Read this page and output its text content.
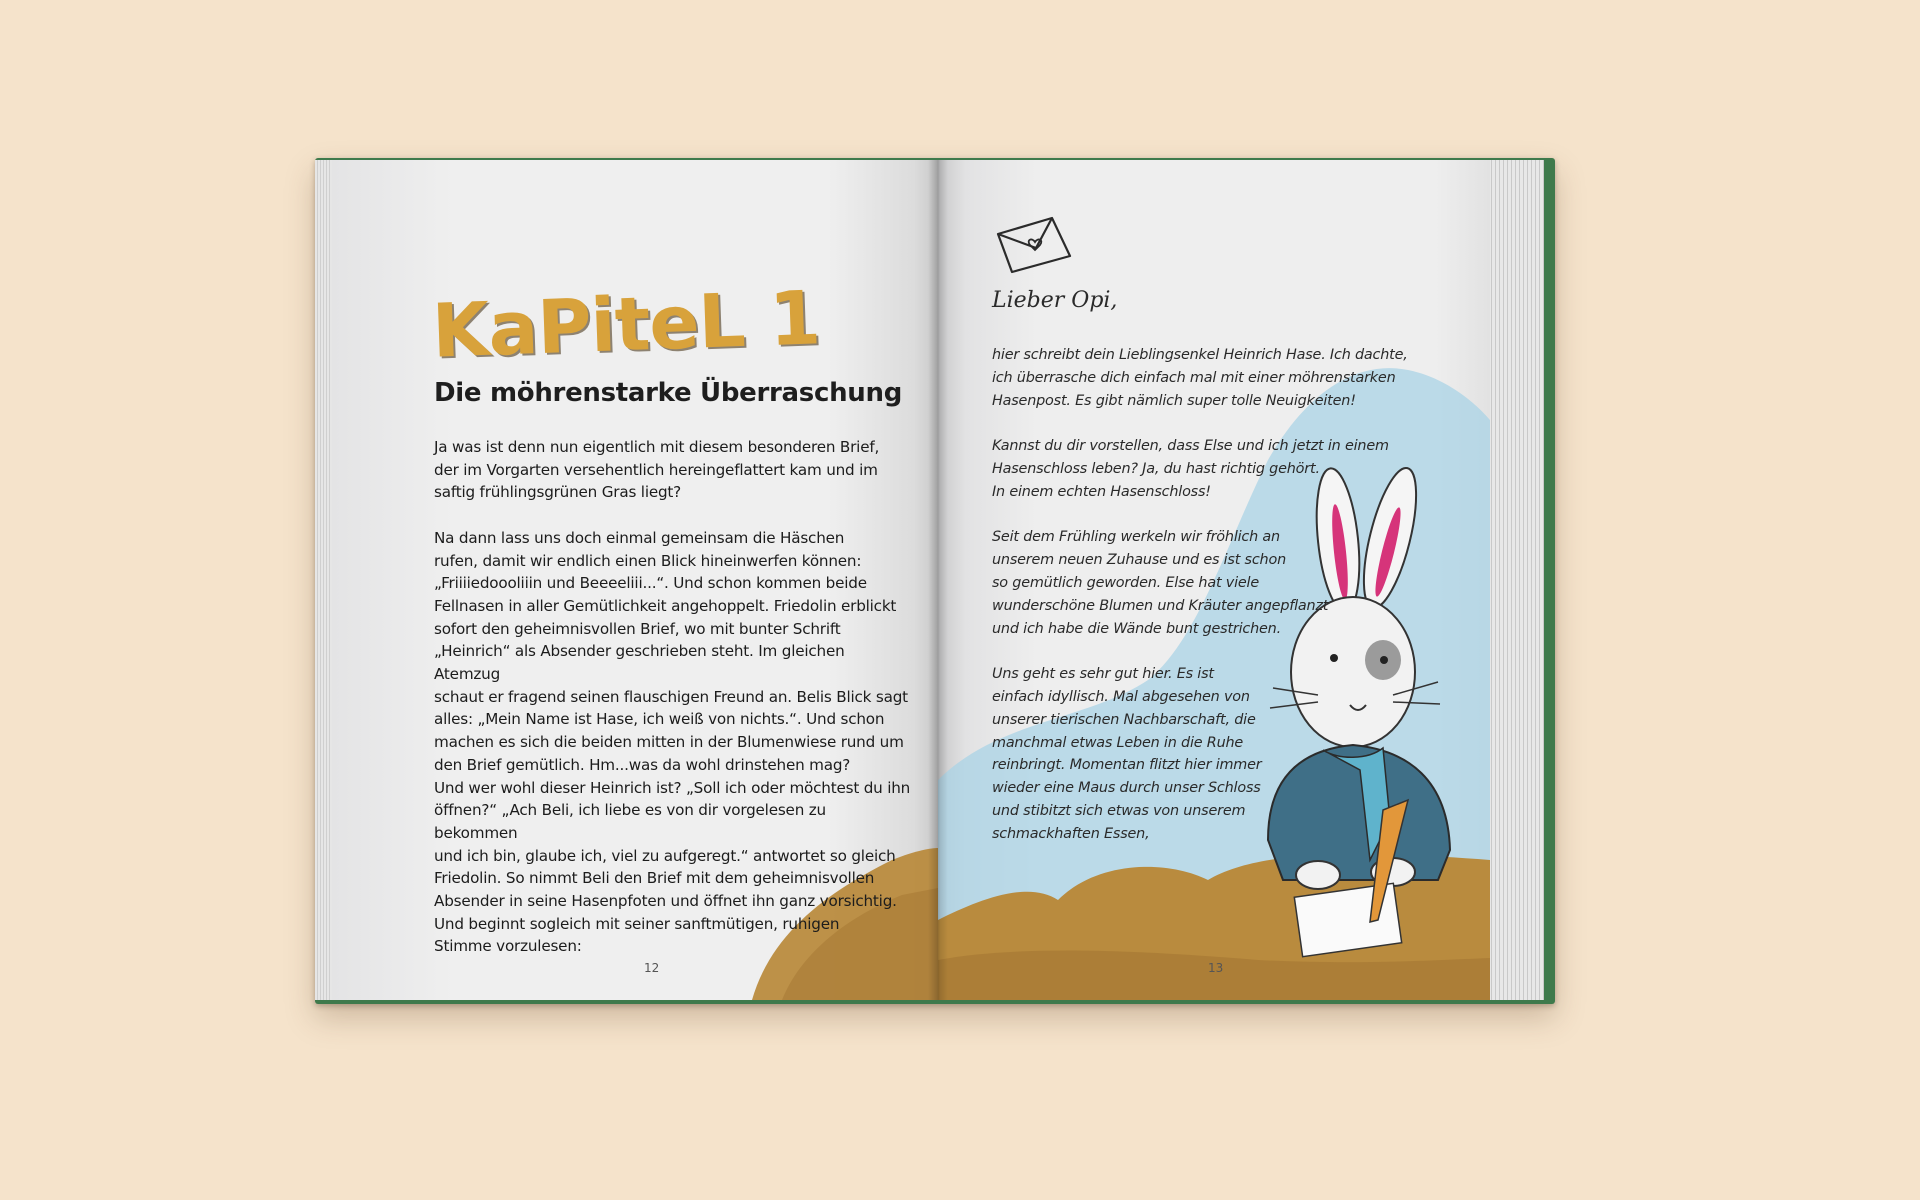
KaPiteL 1
Die möhrenstarke Überraschung
Ja was ist denn nun eigentlich mit diesem besonderen Brief,
der im Vorgarten versehentlich hereingeflattert kam und im
saftig frühlingsgrünen Gras liegt?

Na dann lass uns doch einmal gemeinsam die Häschen
rufen, damit wir endlich einen Blick hineinwerfen können:
„Friiiiedoooliiin und Beeeeliii...“. Und schon kommen beide
Fellnasen in aller Gemütlichkeit angehoppelt. Friedolin erblickt
sofort den geheimnisvollen Brief, wo mit bunter Schrift
„Heinrich“ als Absender geschrieben steht. Im gleichen Atemzug
schaut er fragend seinen flauschigen Freund an. Belis Blick sagt
alles: „Mein Name ist Hase, ich weiß von nichts.“. Und schon
machen es sich die beiden mitten in der Blumenwiese rund um
den Brief gemütlich. Hm...was da wohl drinstehen mag?
Und wer wohl dieser Heinrich ist? „Soll ich oder möchtest du ihn
öffnen?“ „Ach Beli, ich liebe es von dir vorgelesen zu bekommen
und ich bin, glaube ich, viel zu aufgeregt.“ antwortet so gleich
Friedolin. So nimmt Beli den Brief mit dem geheimnisvollen
Absender in seine Hasenpfoten und öffnet ihn ganz vorsichtig.
Und beginnt sogleich mit seiner sanftmütigen, ruhigen
Stimme vorzulesen:
12
Lieber Opi,
hier schreibt dein Lieblingsenkel Heinrich Hase. Ich dachte,
ich überrasche dich einfach mal mit einer möhrenstarken
Hasenpost. Es gibt nämlich super tolle Neuigkeiten!

Kannst du dir vorstellen, dass Else und ich jetzt in einem
Hasenschloss leben? Ja, du hast richtig gehört.
In einem echten Hasenschloss!

Seit dem Frühling werkeln wir fröhlich an
unserem neuen Zuhause und es ist schon
so gemütlich geworden. Else hat viele
wunderschöne Blumen und Kräuter angepflanzt
und ich habe die Wände bunt gestrichen.

Uns geht es sehr gut hier. Es ist
einfach idyllisch. Mal abgesehen von
unserer tierischen Nachbarschaft, die
manchmal etwas Leben in die Ruhe
reinbringt. Momentan flitzt hier immer
wieder eine Maus durch unser Schloss
und stibitzt sich etwas von unserem
schmackhaften Essen,
13
